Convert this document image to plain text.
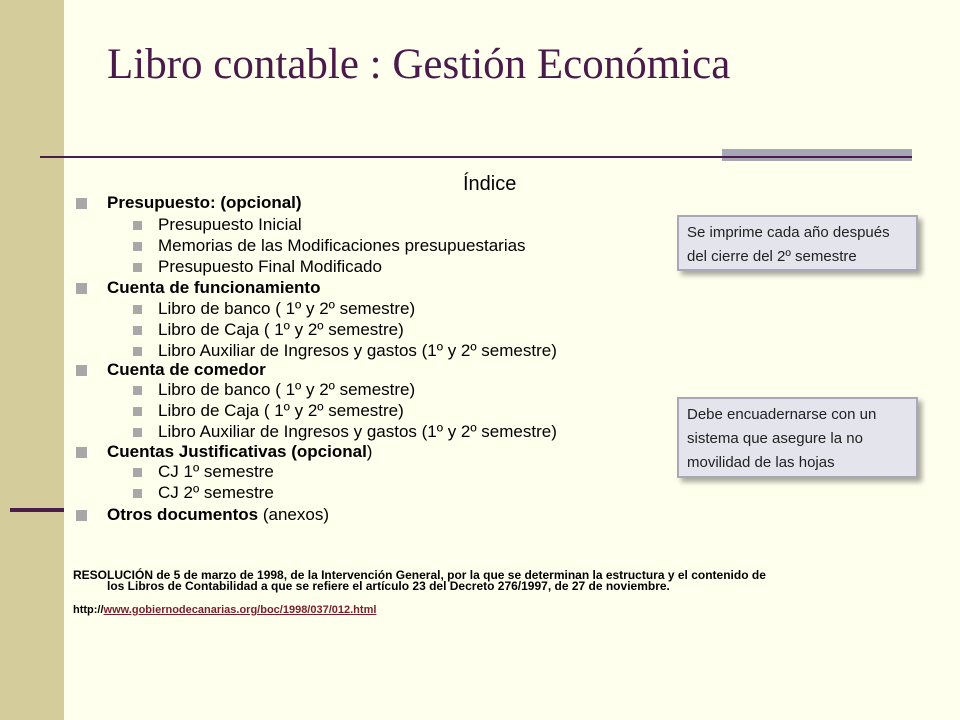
Libro contable : Gestión Económica
Índice
Presupuesto: (opcional)
Presupuesto Inicial
Memorias de las Modificaciones presupuestarias
Presupuesto Final Modificado
Cuenta de funcionamiento
Libro de banco ( 1º y 2º semestre)
Libro de Caja ( 1º y 2º semestre)
Libro Auxiliar de Ingresos y gastos (1º y 2º semestre)
Cuenta de comedor
Libro de banco ( 1º y 2º semestre)
Libro de Caja ( 1º y 2º semestre)
Libro Auxiliar de Ingresos y gastos (1º y 2º semestre)
Cuentas Justificativas (opcional)
CJ 1º semestre
CJ 2º semestre
Otros documentos (anexos)
Se imprime cada año después del cierre del 2º semestre
Debe encuadernarse con un sistema que asegure la no movilidad de las hojas
RESOLUCIÓN de 5 de marzo de 1998, de la Intervención General, por la que se determinan la estructura y el contenido de
los Libros de Contabilidad a que se refiere el artículo 23 del Decreto 276/1997, de 27 de noviembre.
http://www.gobiernodecanarias.org/boc/1998/037/012.html
